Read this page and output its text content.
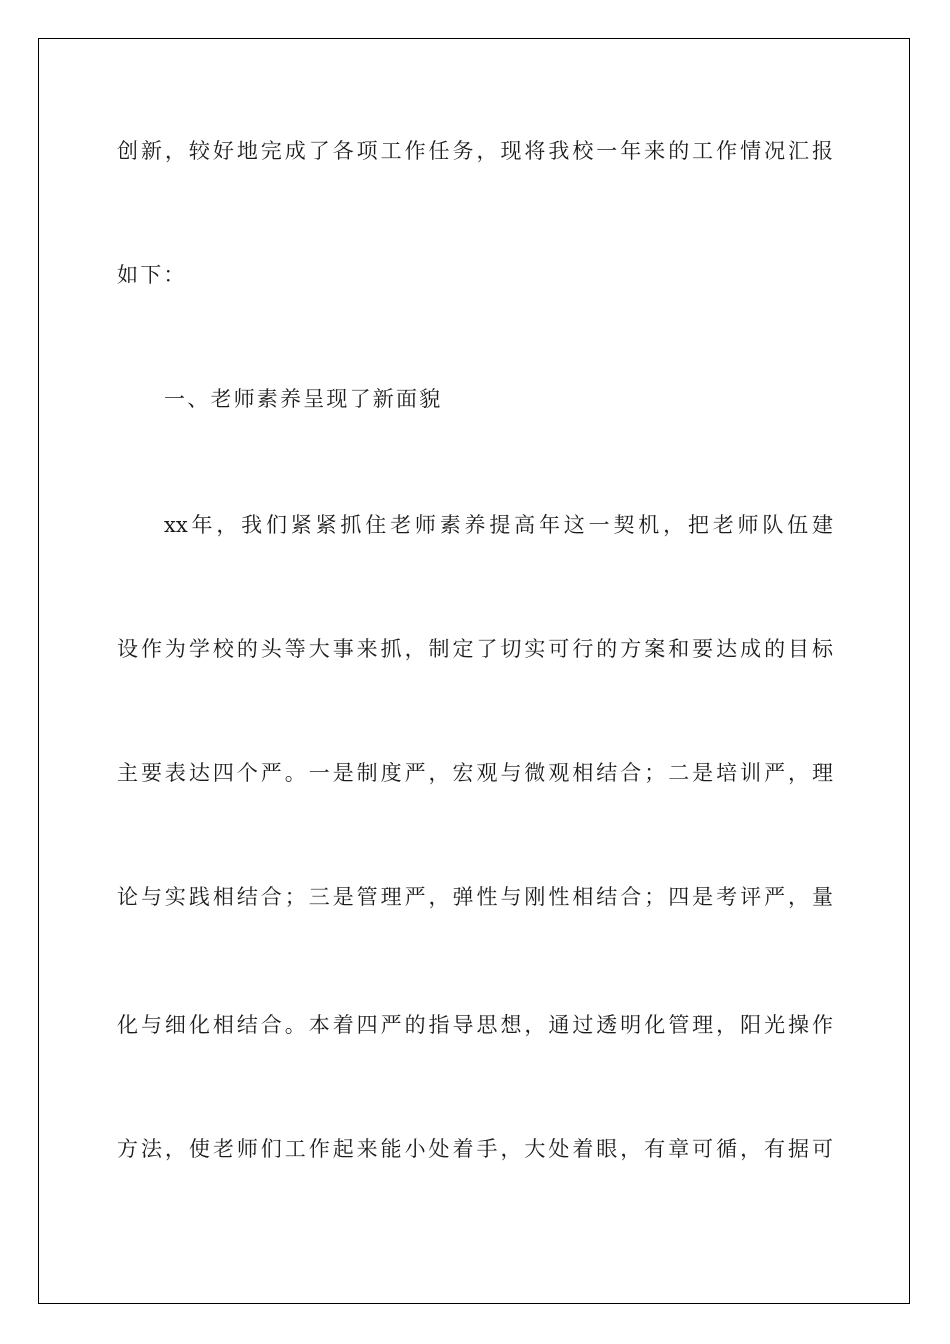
创新，较好地完成了各项工作任务，现将我校一年来的工作情况汇报
如下：
一、老师素养呈现了新面貌
xx年，我们紧紧抓住老师素养提高年这一契机，把老师队伍建
设作为学校的头等大事来抓，制定了切实可行的方案和要达成的目标
主要表达四个严。一是制度严，宏观与微观相结合；二是培训严，理
论与实践相结合；三是管理严，弹性与刚性相结合；四是考评严，量
化与细化相结合。本着四严的指导思想，通过透明化管理，阳光操作
方法，使老师们工作起来能小处着手，大处着眼，有章可循，有据可
